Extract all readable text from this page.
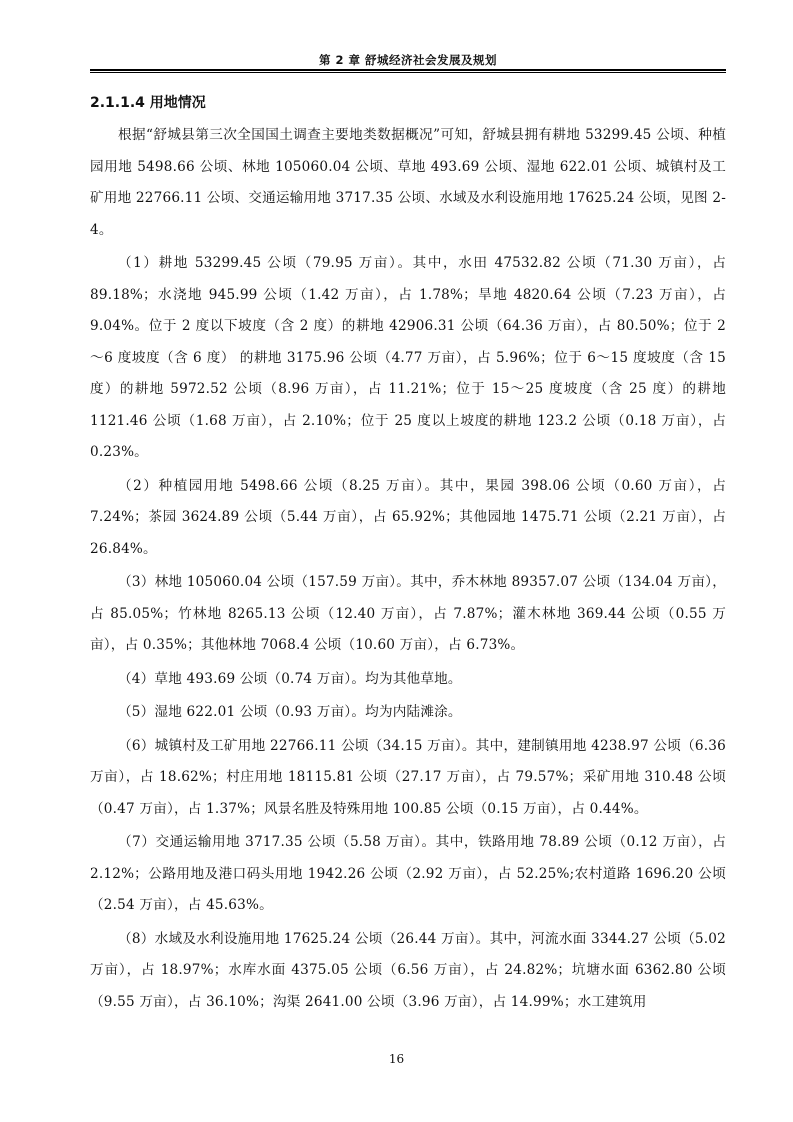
第 2 章 舒城经济社会发展及规划
2.1.1.4 用地情况

根据“舒城县第三次全国国土调查主要地类数据概况”可知，舒城县拥有耕地 53299.45 公顷、种植园用地 5498.66 公顷、林地 105060.04 公顷、草地 493.69 公顷、湿地 622.01 公顷、城镇村及工矿用地 22766.11 公顷、交通运输用地 3717.35 公顷、水域及水利设施用地 17625.24 公顷，见图 2-4。

（1）耕地 53299.45 公顷（79.95 万亩）。其中，水田 47532.82 公顷（71.30 万亩），占 89.18%；水浇地 945.99 公顷（1.42 万亩），占 1.78%；旱地 4820.64 公顷（7.23 万亩），占 9.04%。位于 2 度以下坡度（含 2 度）的耕地 42906.31 公顷（64.36 万亩），占 80.50%；位于 2～6 度坡度（含 6 度） 的耕地 3175.96 公顷（4.77 万亩），占 5.96%；位于 6～15 度坡度（含 15 度）的耕地 5972.52 公顷（8.96 万亩），占 11.21%；位于 15～25 度坡度（含 25 度）的耕地 1121.46 公顷（1.68 万亩），占 2.10%；位于 25 度以上坡度的耕地 123.2 公顷（0.18 万亩），占 0.23%。

（2）种植园用地 5498.66 公顷（8.25 万亩）。其中，果园 398.06 公顷（0.60 万亩），占 7.24%；茶园 3624.89 公顷（5.44 万亩），占 65.92%；其他园地 1475.71 公顷（2.21 万亩），占 26.84%。

（3）林地 105060.04 公顷（157.59 万亩）。其中，乔木林地 89357.07 公顷（134.04 万亩），占 85.05%；竹林地 8265.13 公顷（12.40 万亩），占 7.87%；灌木林地 369.44 公顷（0.55 万亩），占 0.35%；其他林地 7068.4 公顷（10.60 万亩），占 6.73%。

（4）草地 493.69 公顷（0.74 万亩）。均为其他草地。

（5）湿地 622.01 公顷（0.93 万亩）。均为内陆滩涂。

（6）城镇村及工矿用地 22766.11 公顷（34.15 万亩）。其中，建制镇用地 4238.97 公顷（6.36 万亩），占 18.62%；村庄用地 18115.81 公顷（27.17 万亩），占 79.57%；采矿用地 310.48 公顷（0.47 万亩），占 1.37%；风景名胜及特殊用地 100.85 公顷（0.15 万亩），占 0.44%。

（7）交通运输用地 3717.35 公顷（5.58 万亩）。其中，铁路用地 78.89 公顷（0.12 万亩），占 2.12%；公路用地及港口码头用地 1942.26 公顷（2.92 万亩），占 52.25%;农村道路 1696.20 公顷（2.54 万亩），占 45.63%。

（8）水域及水利设施用地 17625.24 公顷（26.44 万亩）。其中，河流水面 3344.27 公顷（5.02 万亩），占 18.97%；水库水面 4375.05 公顷（6.56 万亩），占 24.82%；坑塘水面 6362.80 公顷（9.55 万亩），占 36.10%；沟渠 2641.00 公顷（3.96 万亩），占 14.99%；水工建筑用

16
